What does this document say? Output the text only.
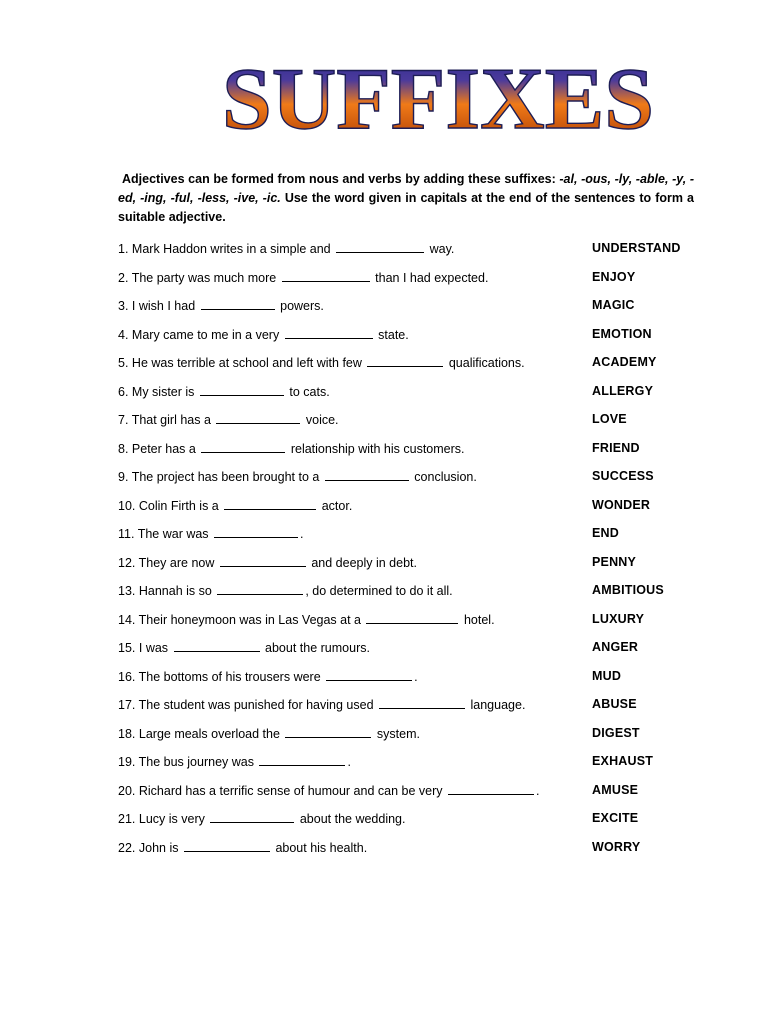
SUFFIXES

Adjectives can be formed from nous and verbs by adding these suffixes: -al, -ous, -ly, -able, -y, -ed, -ing, -ful, -less, -ive, -ic. Use the word given in capitals at the end of the sentences to form a suitable adjective.

1. Mark Haddon writes in a simple and	way.	UNDERSTAND
2. The party was much more	than I had expected.	ENJOY
3. I wish I had	powers.	MAGIC
4. Mary came to me in a very	state.	EMOTION
5. He was terrible at school and left with few	qualifications.	ACADEMY
6. My sister is	to cats.	ALLERGY
7. That girl has a	voice.	LOVE
8. Peter has a	relationship with his customers.	FRIEND
9. The project has been brought to a	conclusion.	SUCCESS
10. Colin Firth is a	actor.	WONDER
11. The war was	.	END
12. They are now	and deeply in debt.	PENNY
13. Hannah is so	, do determined to do it all.	AMBITIOUS
14. Their honeymoon was in Las Vegas at a	hotel.	LUXURY
15. I was	about the rumours.	ANGER
16. The bottoms of his trousers were	.	MUD
17. The student was punished for having used	language.	ABUSE
18. Large meals overload the	system.	DIGEST
19. The bus journey was	.	EXHAUST
20. Richard has a terrific sense of humour and can be very	.	AMUSE
21. Lucy is very	about the wedding.	EXCITE
22. John is	about his health.	WORRY
